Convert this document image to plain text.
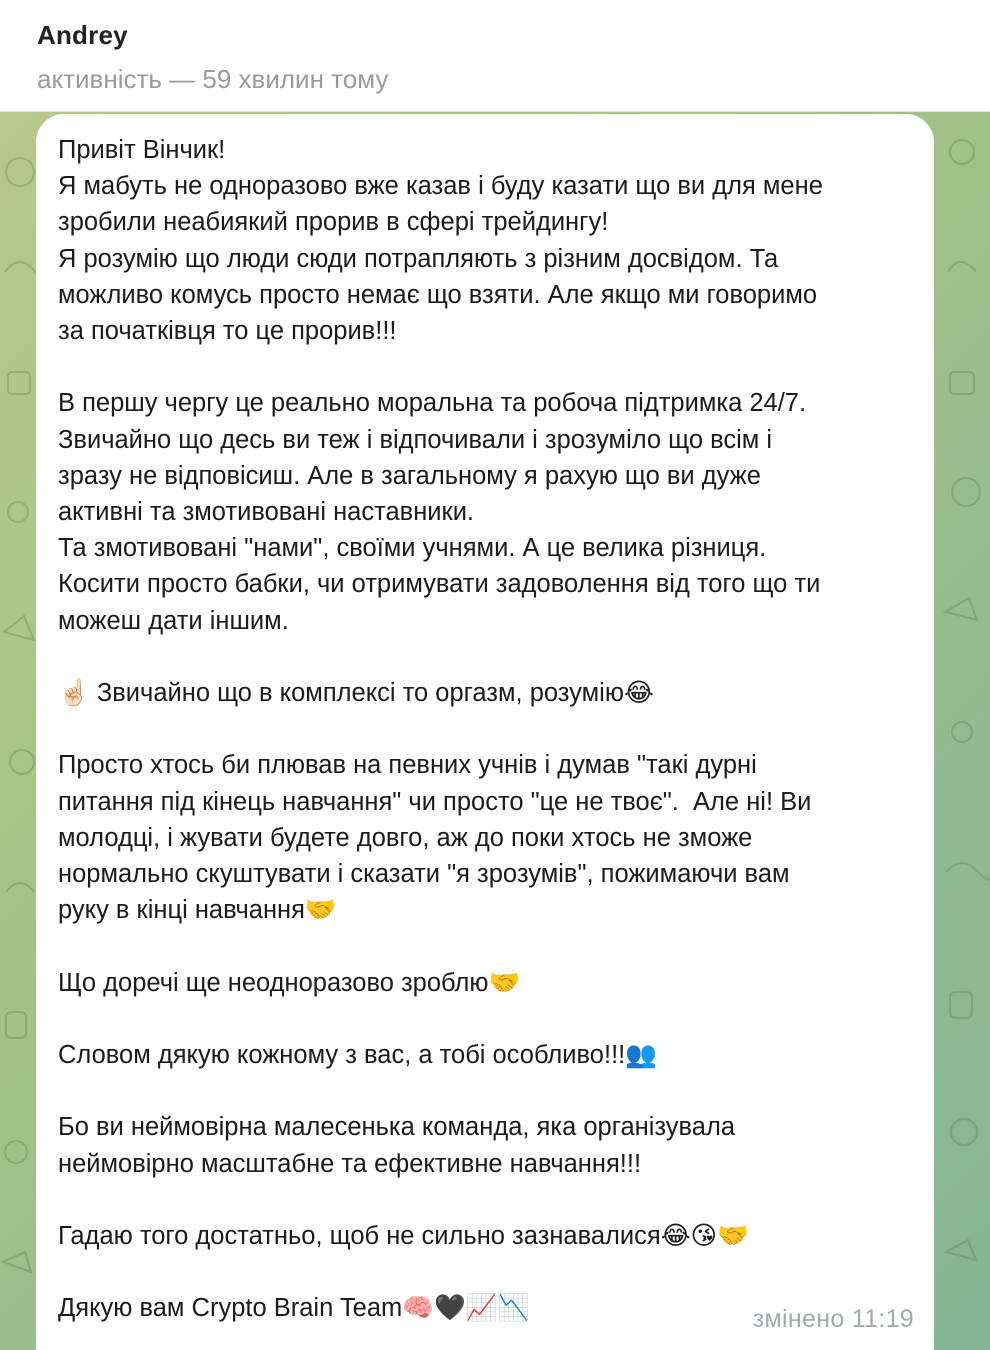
Andrey
активність — 59 хвилин тому

Привіт Вінчик!

Я мабуть не одноразово вже казав і буду казати що ви для мене

зробили неабиякий прорив в сфері трейдингу!

Я розумію що люди сюди потрапляють з різним досвідом. Та

можливо комусь просто немає що взяти. Але якщо ми говоримо

за початківця то це прорив!!!

В першу чергу це реально моральна та робоча підтримка 24/7.

Звичайно що десь ви теж і відпочивали і зрозуміло що всім і

зразу не відповісиш. Але в загальному я рахую що ви дуже

активні та змотивовані наставники.

Та змотивовані "нами", своїми учнями. А це велика різниця.

Косити просто бабки, чи отримувати задоволення від того що ти

можеш дати іншим.

☝🏻 Звичайно що в комплексі то оргазм, розумію😂

Просто хтось би плював на певних учнів і думав "такі дурні

питання під кінець навчання" чи просто "це не твоє".  Але ні! Ви

молодці, і жувати будете довго, аж до поки хтось не зможе

нормально скуштувати і сказати "я зрозумів", пожимаючи вам

руку в кінці навчання🤝

Що доречі ще неодноразово зроблю🤝

Словом дякую кожному з вас, а тобі особливо!!!👥

Бо ви неймовірна малесенька команда, яка організувала

неймовірно масштабне та ефективне навчання!!!

Гадаю того достатньо, щоб не сильно зазнавалися😂😘🤝

Дякую вам Crypto Brain Team🧠🖤📈📉	змінено 11:19
